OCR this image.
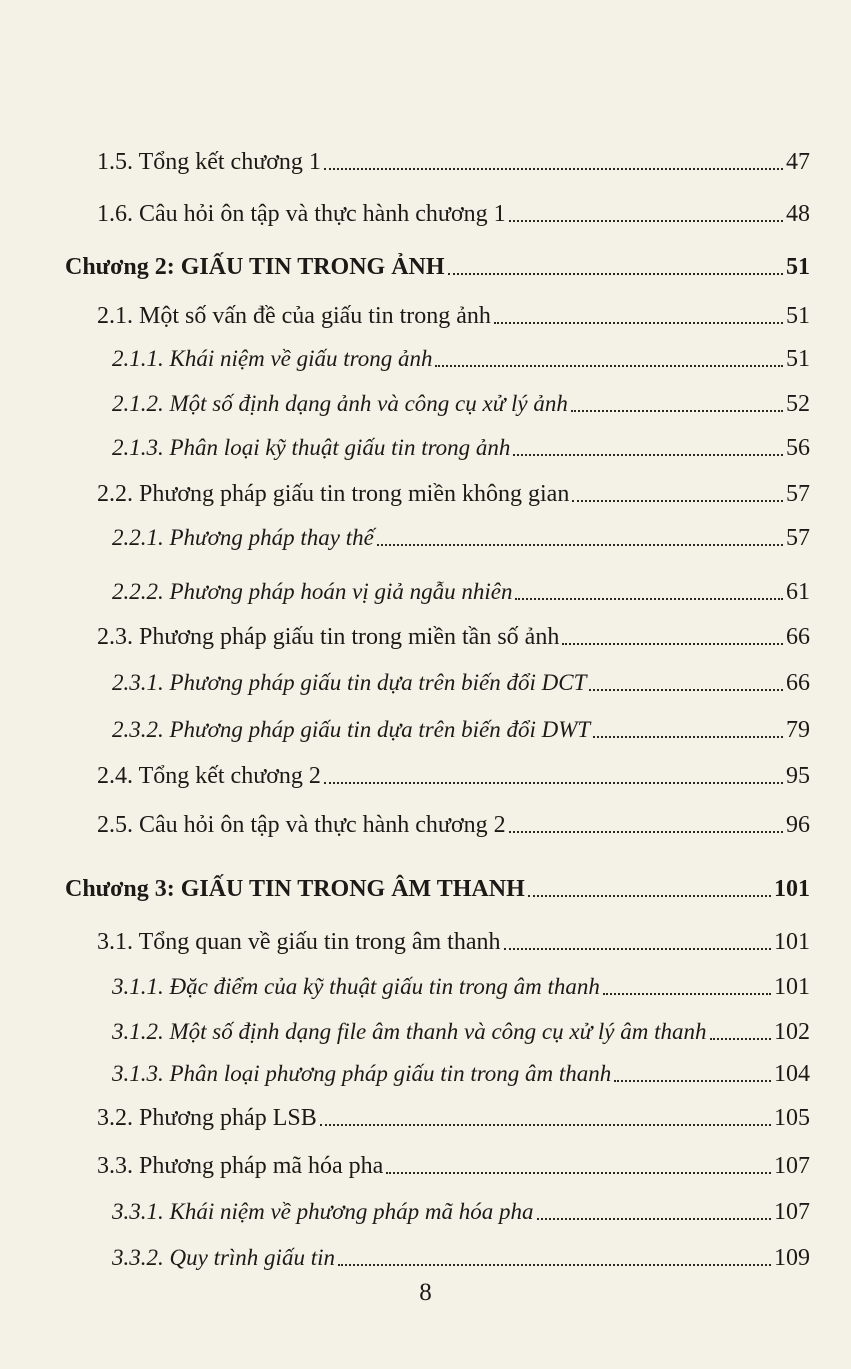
1.5. Tổng kết chương 1	47
1.6. Câu hỏi ôn tập và thực hành chương 1	48
Chương 2: GIẤU TIN TRONG ẢNH	51
2.1. Một số vấn đề của giấu tin trong ảnh	51
2.1.1. Khái niệm về giấu trong ảnh	51
2.1.2. Một số định dạng ảnh và công cụ xử lý ảnh	52
2.1.3. Phân loại kỹ thuật giấu tin trong ảnh	56
2.2. Phương pháp giấu tin trong miền không gian	57
2.2.1. Phương pháp thay thế	57
2.2.2. Phương pháp hoán vị giả ngẫu nhiên	61
2.3. Phương pháp giấu tin trong miền tần số ảnh	66
2.3.1. Phương pháp giấu tin dựa trên biến đổi DCT	66
2.3.2. Phương pháp giấu tin dựa trên biến đổi DWT	79
2.4. Tổng kết chương 2	95
2.5. Câu hỏi ôn tập và thực hành chương 2	96
Chương 3: GIẤU TIN TRONG ÂM THANH	101
3.1. Tổng quan về giấu tin trong âm thanh	101
3.1.1. Đặc điểm của kỹ thuật giấu tin trong âm thanh	101
3.1.2. Một số định dạng file âm thanh và công cụ xử lý âm thanh	102
3.1.3. Phân loại phương pháp giấu tin trong âm thanh	104
3.2. Phương pháp LSB	105
3.3. Phương pháp mã hóa pha	107
3.3.1. Khái niệm về phương pháp mã hóa pha	107
3.3.2. Quy trình giấu tin	109
8
